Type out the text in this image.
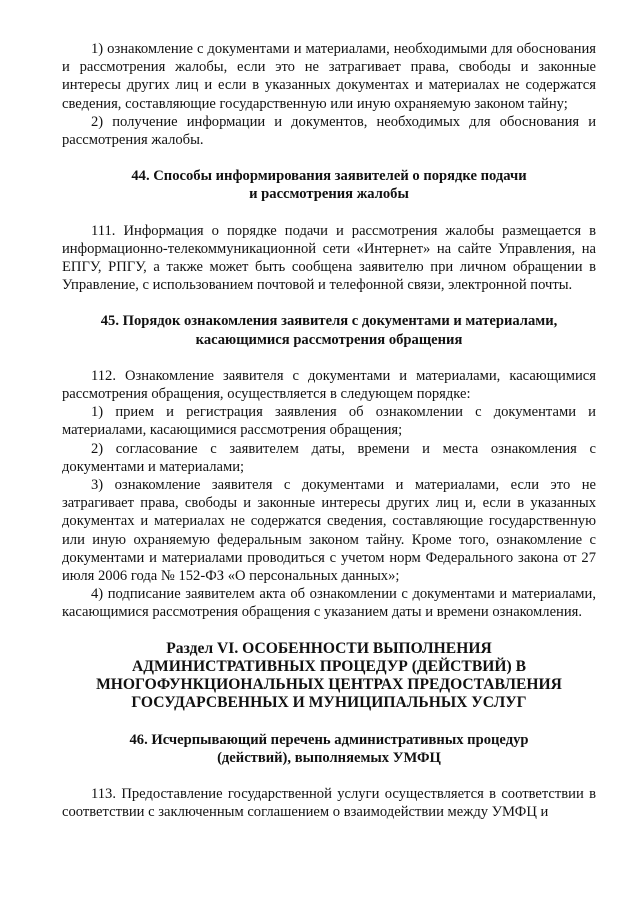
1) ознакомление с документами и материалами, необходимыми для обоснования и рассмотрения жалобы, если это не затрагивает права, свободы и законные интересы других лиц и если в указанных документах и материалах не содержатся сведения, составляющие государственную или иную охраняемую законом тайну;

2) получение информации и документов, необходимых для обоснования и рассмотрения жалобы.

44. Способы информирования заявителей о порядке подачи
и рассмотрения жалобы

111. Информация о порядке подачи и рассмотрения жалобы размещается в информационно-телекоммуникационной сети «Интернет» на сайте Управления, на ЕПГУ, РПГУ, а также может быть сообщена заявителю при личном обращении в Управление, с использованием почтовой и телефонной связи, электронной почты.

45. Порядок ознакомления заявителя с документами и материалами,
касающимися рассмотрения обращения

112. Ознакомление заявителя с документами и материалами, касающимися рассмотрения обращения, осуществляется в следующем порядке:

1) прием и регистрация заявления об ознакомлении с документами и материалами, касающимися рассмотрения обращения;

2) согласование с заявителем даты, времени и места ознакомления с документами и материалами;

3) ознакомление заявителя с документами и материалами, если это не затрагивает права, свободы и законные интересы других лиц и, если в указанных документах и материалах не содержатся сведения, составляющие государственную или иную охраняемую федеральным законом тайну. Кроме того, ознакомление с документами и материалами проводиться с учетом норм Федерального закона от 27 июля 2006 года № 152-ФЗ «О персональных данных»;

4) подписание заявителем акта об ознакомлении с документами и материалами, касающимися рассмотрения обращения с указанием даты и времени ознакомления.

Раздел VI. ОСОБЕННОСТИ ВЫПОЛНЕНИЯ
АДМИНИСТРАТИВНЫХ ПРОЦЕДУР (ДЕЙСТВИЙ) В
МНОГОФУНКЦИОНАЛЬНЫХ ЦЕНТРАХ ПРЕДОСТАВЛЕНИЯ
ГОСУДАРСВЕННЫХ И МУНИЦИПАЛЬНЫХ УСЛУГ

46. Исчерпывающий перечень административных процедур
(действий), выполняемых УМФЦ

113. Предоставление государственной услуги осуществляется в соответствии в соответствии с заключенным соглашением о взаимодействии между УМФЦ и
